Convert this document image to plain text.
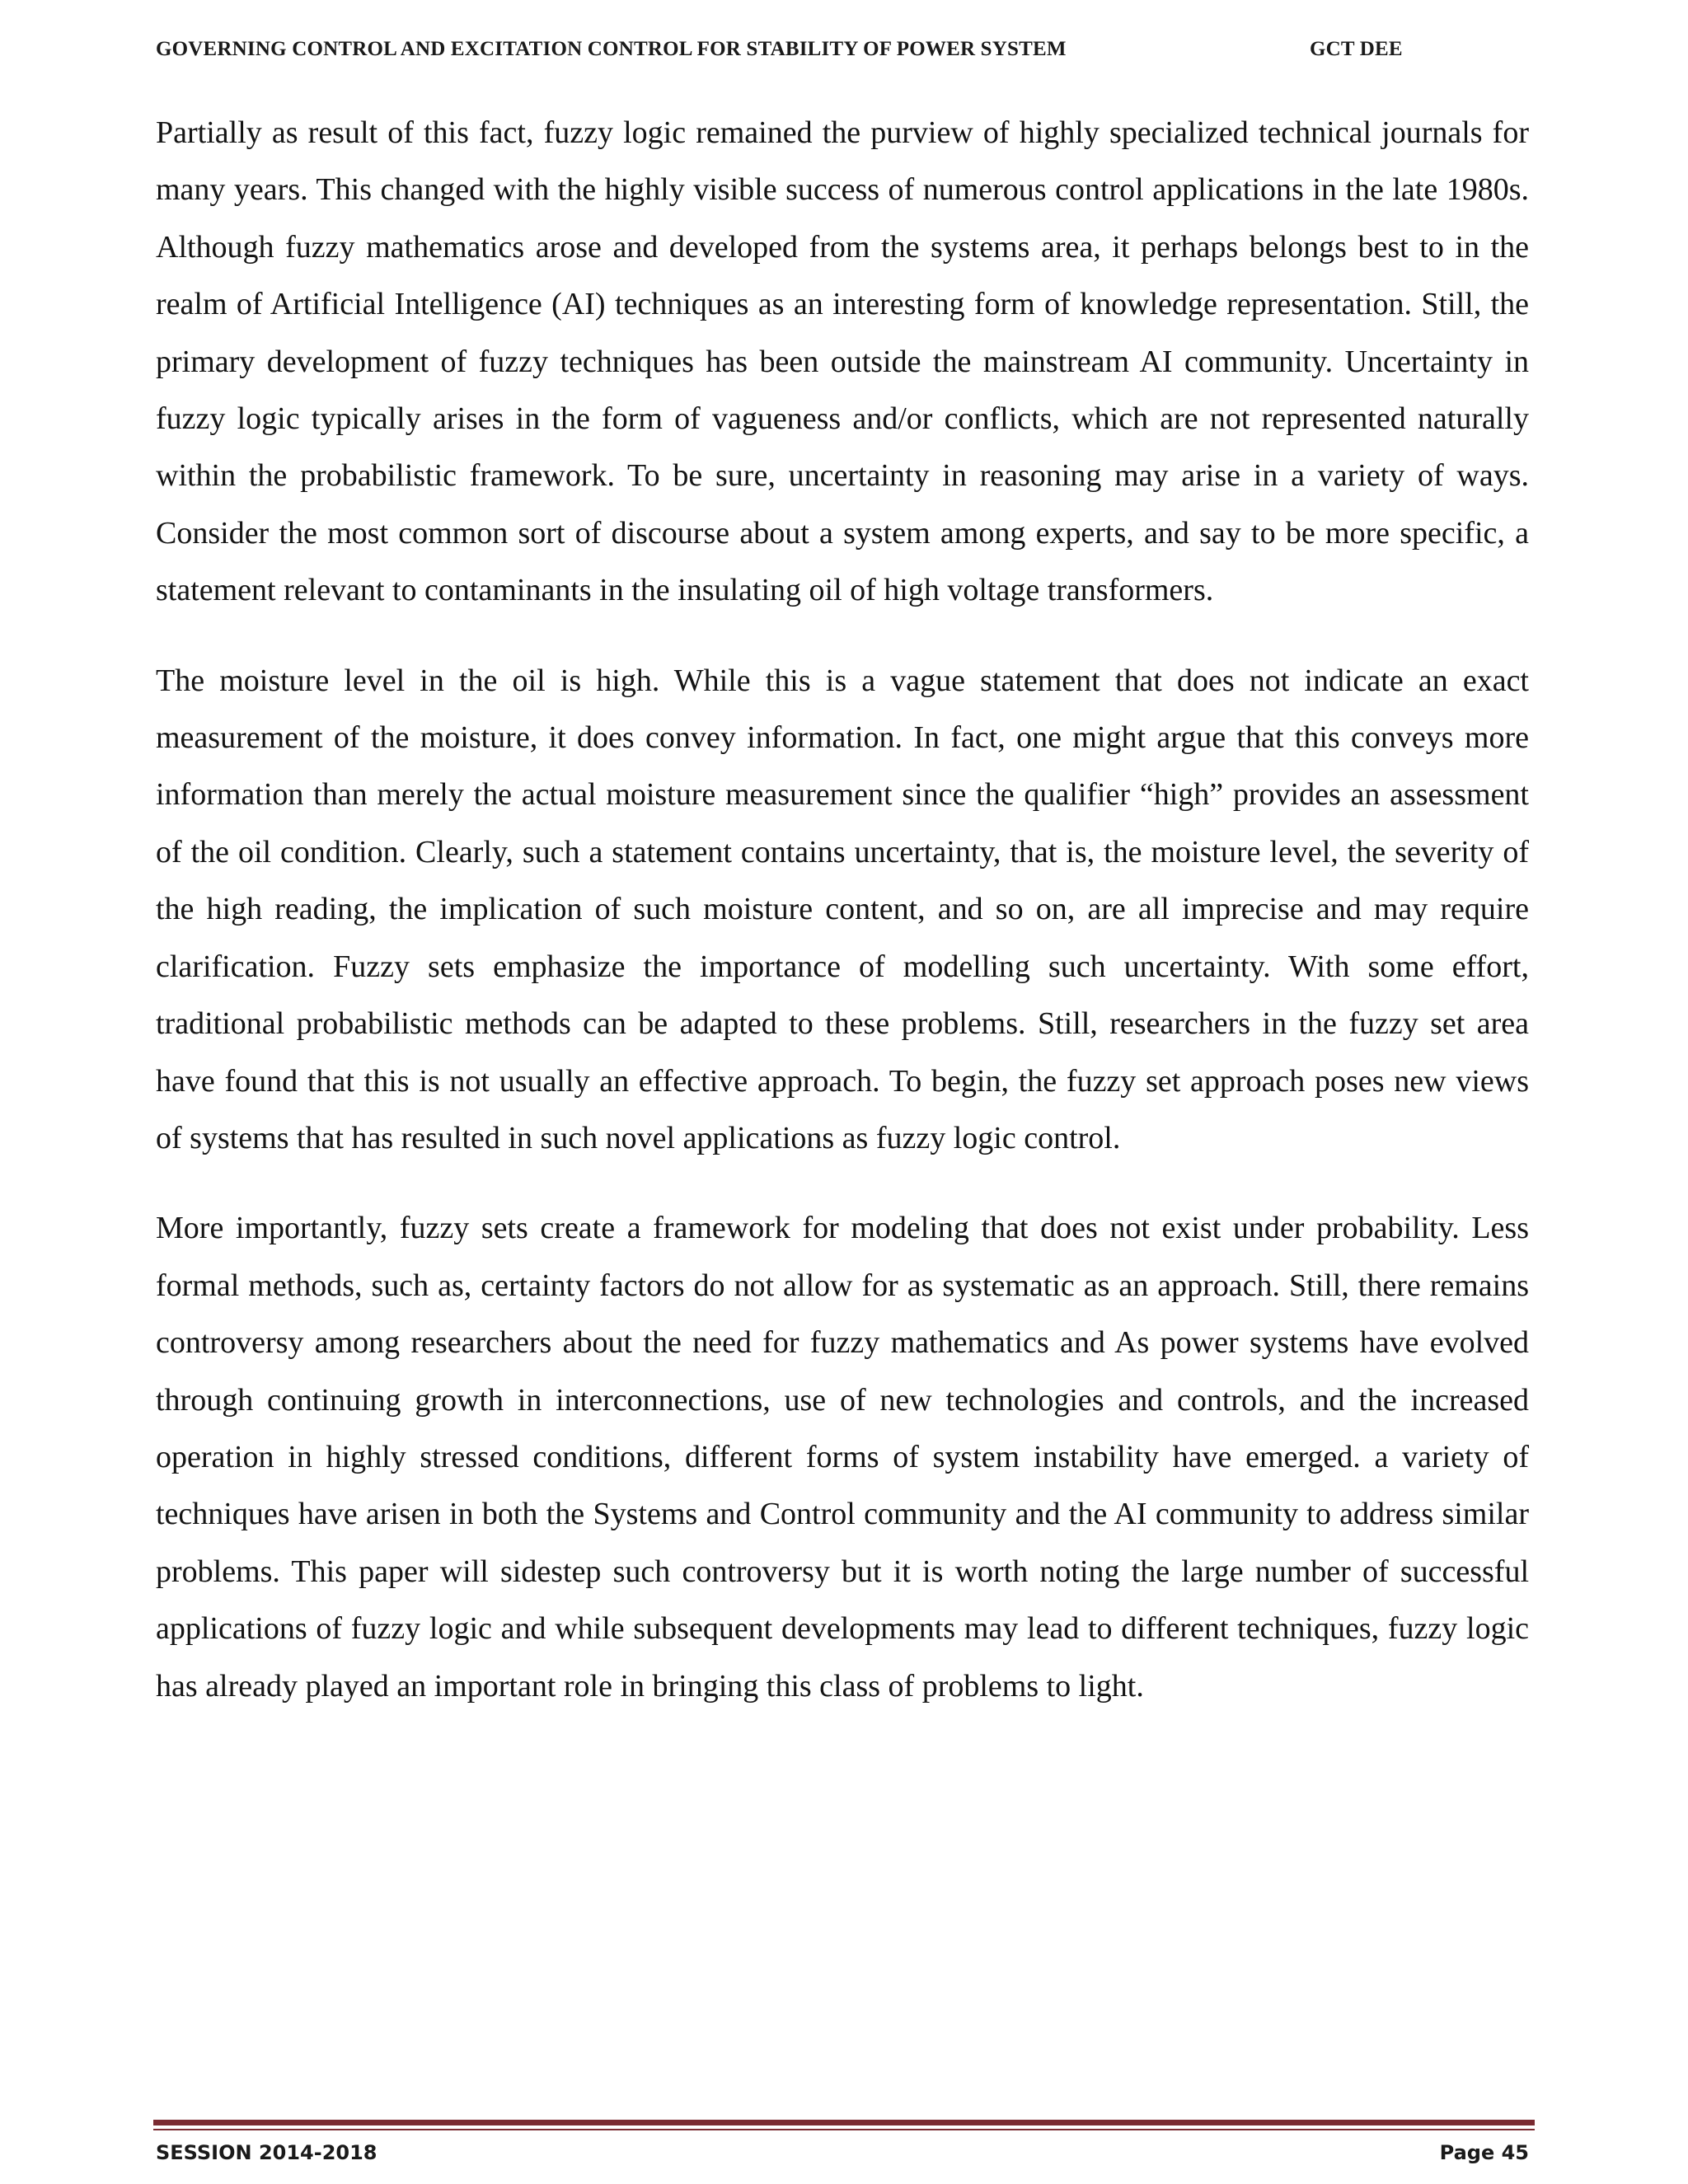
GOVERNING CONTROL AND EXCITATION CONTROL FOR STABILITY OF POWER SYSTEM	GCT DEE

Partially as result of this fact, fuzzy logic remained the purview of highly specialized technical journals for many years. This changed with the highly visible success of numerous control applications in the late 1980s. Although fuzzy mathematics arose and developed from the systems area, it perhaps belongs best to in the realm of Artificial Intelligence (AI) techniques as an interesting form of knowledge representation. Still, the primary development of fuzzy techniques has been outside the mainstream AI community. Uncertainty in fuzzy logic typically arises in the form of vagueness and/or conflicts, which are not represented naturally within the probabilistic framework. To be sure, uncertainty in reasoning may arise in a variety of ways. Consider the most common sort of discourse about a system among experts, and say to be more specific, a statement relevant to contaminants in the insulating oil of high voltage transformers.

The moisture level in the oil is high. While this is a vague statement that does not indicate an exact measurement of the moisture, it does convey information. In fact, one might argue that this conveys more information than merely the actual moisture measurement since the qualifier “high” provides an assessment of the oil condition. Clearly, such a statement contains uncertainty, that is, the moisture level, the severity of the high reading, the implication of such moisture content, and so on, are all imprecise and may require clarification. Fuzzy sets emphasize the importance of modelling such uncertainty. With some effort, traditional probabilistic methods can be adapted to these problems. Still, researchers in the fuzzy set area have found that this is not usually an effective approach. To begin, the fuzzy set approach poses new views of systems that has resulted in such novel applications as fuzzy logic control.

More importantly, fuzzy sets create a framework for modeling that does not exist under probability. Less formal methods, such as, certainty factors do not allow for as systematic as an approach. Still, there remains controversy among researchers about the need for fuzzy mathematics and As power systems have evolved through continuing growth in interconnections, use of new technologies and controls, and the increased operation in highly stressed conditions, different forms of system instability have emerged. a variety of techniques have arisen in both the Systems and Control community and the AI community to address similar problems. This paper will sidestep such controversy but it is worth noting the large number of successful applications of fuzzy logic and while subsequent developments may lead to different techniques, fuzzy logic has already played an important role in bringing this class of problems to light.

SESSION 2014-2018	Page 45
